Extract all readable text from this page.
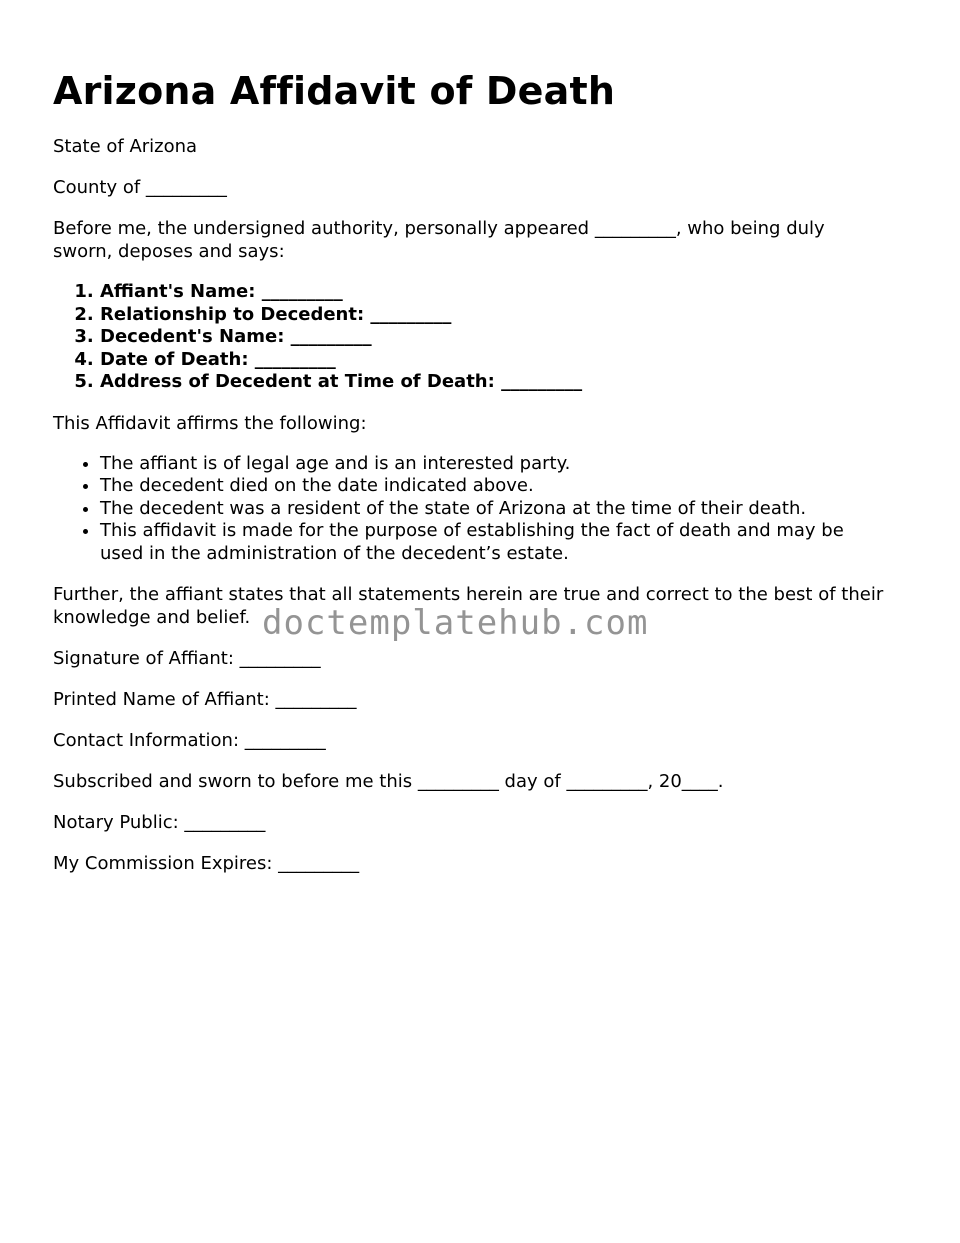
Arizona Affidavit of Death

State of Arizona

County of _________

Before me, the undersigned authority, personally appeared _________, who being duly sworn, deposes and says:

1. Affiant's Name: _________
2. Relationship to Decedent: _________
3. Decedent's Name: _________
4. Date of Death: _________
5. Address of Decedent at Time of Death: _________

This Affidavit affirms the following:

• The affiant is of legal age and is an interested party.
• The decedent died on the date indicated above.
• The decedent was a resident of the state of Arizona at the time of their death.
• This affidavit is made for the purpose of establishing the fact of death and may be used in the administration of the decedent’s estate.

Further, the affiant states that all statements herein are true and correct to the best of their knowledge and belief.

Signature of Affiant: _________

Printed Name of Affiant: _________

Contact Information: _________

Subscribed and sworn to before me this _________ day of _________, 20____.

Notary Public: _________

My Commission Expires: _________

doctemplatehub.com
